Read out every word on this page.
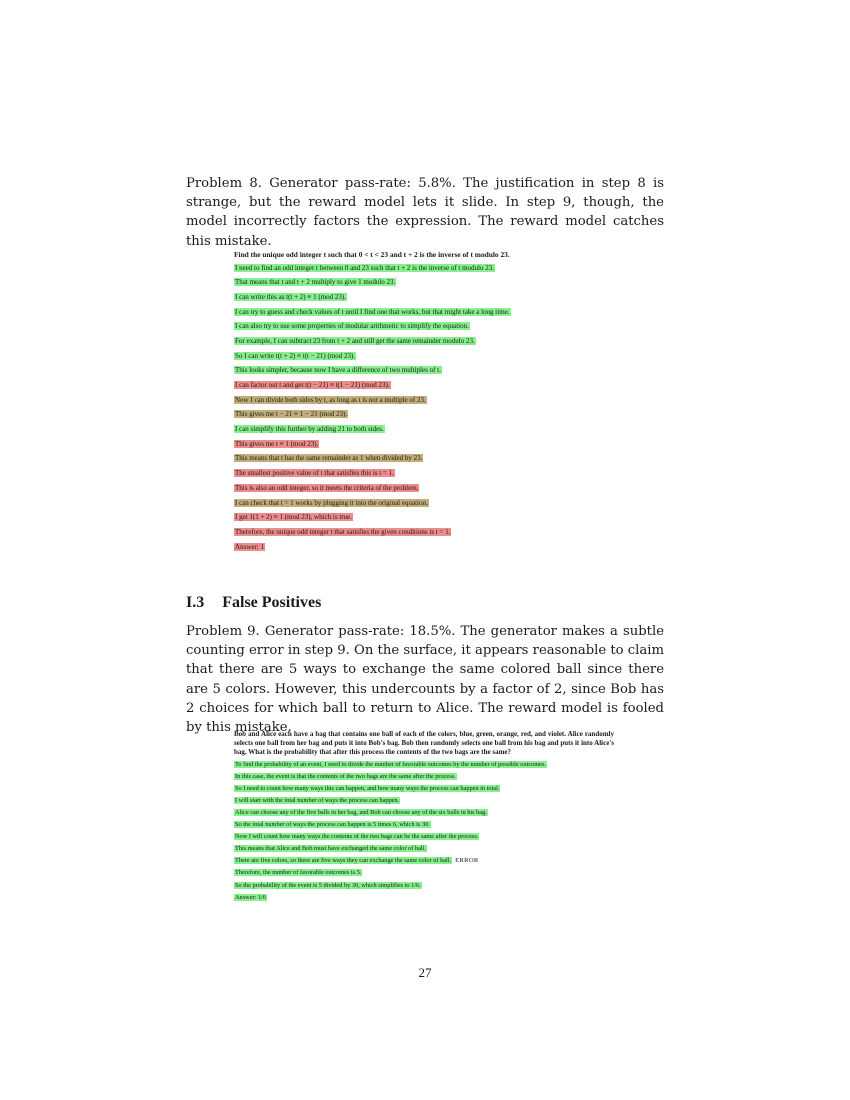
Problem 8. Generator pass-rate: 5.8%. The justification in step 8 is strange, but the reward model lets it slide. In step 9, though, the model incorrectly factors the expression. The reward model catches this mistake.
Find the unique odd integer t such that 0 < t < 23 and t + 2 is the inverse of t modulo 23.
I need to find an odd integer t between 0 and 23 such that t + 2 is the inverse of t modulo 23.
That means that t and t + 2 multiply to give 1 modulo 23.
I can write this as t(t + 2) ≡ 1 (mod 23).
I can try to guess and check values of t until I find one that works, but that might take a long time.
I can also try to use some properties of modular arithmetic to simplify the equation.
For example, I can subtract 23 from t + 2 and still get the same remainder modulo 23.
So I can write t(t + 2) ≡ t(t − 21) (mod 23).
This looks simpler, because now I have a difference of two multiples of t.
I can factor out t and get t(t − 21) ≡ t(1 − 21) (mod 23).
Now I can divide both sides by t, as long as t is not a multiple of 23.
This gives me t − 21 ≡ 1 − 21 (mod 23).
I can simplify this further by adding 21 to both sides.
This gives me t ≡ 1 (mod 23).
This means that t has the same remainder as 1 when divided by 23.
The smallest positive value of t that satisfies this is t = 1.
This is also an odd integer, so it meets the criteria of the problem.
I can check that t = 1 works by plugging it into the original equation.
I get 1(1 + 2) ≡ 1 (mod 23), which is true.
Therefore, the unique odd integer t that satisfies the given conditions is t = 1.
Answer: 1
I.3 False Positives
Problem 9. Generator pass-rate: 18.5%. The generator makes a subtle counting error in step 9. On the surface, it appears reasonable to claim that there are 5 ways to exchange the same colored ball since there are 5 colors. However, this undercounts by a factor of 2, since Bob has 2 choices for which ball to return to Alice. The reward model is fooled by this mistake.
Bob and Alice each have a bag that contains one ball of each of the colors, blue, green, orange, red, and violet. Alice randomly selects one ball from her bag and puts it into Bob's bag. Bob then randomly selects one ball from his bag and puts it into Alice's bag. What is the probability that after this process the contents of the two bags are the same?
To find the probability of an event, I need to divide the number of favorable outcomes by the number of possible outcomes.
In this case, the event is that the contents of the two bags are the same after the process.
So I need to count how many ways this can happen, and how many ways the process can happen in total.
I will start with the total number of ways the process can happen.
Alice can choose any of the five balls in her bag, and Bob can choose any of the six balls in his bag.
So the total number of ways the process can happen is 5 times 6, which is 30.
Now I will count how many ways the contents of the two bags can be the same after the process.
This means that Alice and Bob must have exchanged the same color of ball.
There are five colors, so there are five ways they can exchange the same color of ball. ERROR
Therefore, the number of favorable outcomes is 5.
So the probability of the event is 5 divided by 30, which simplifies to 1/6.
Answer: 1/6
27
